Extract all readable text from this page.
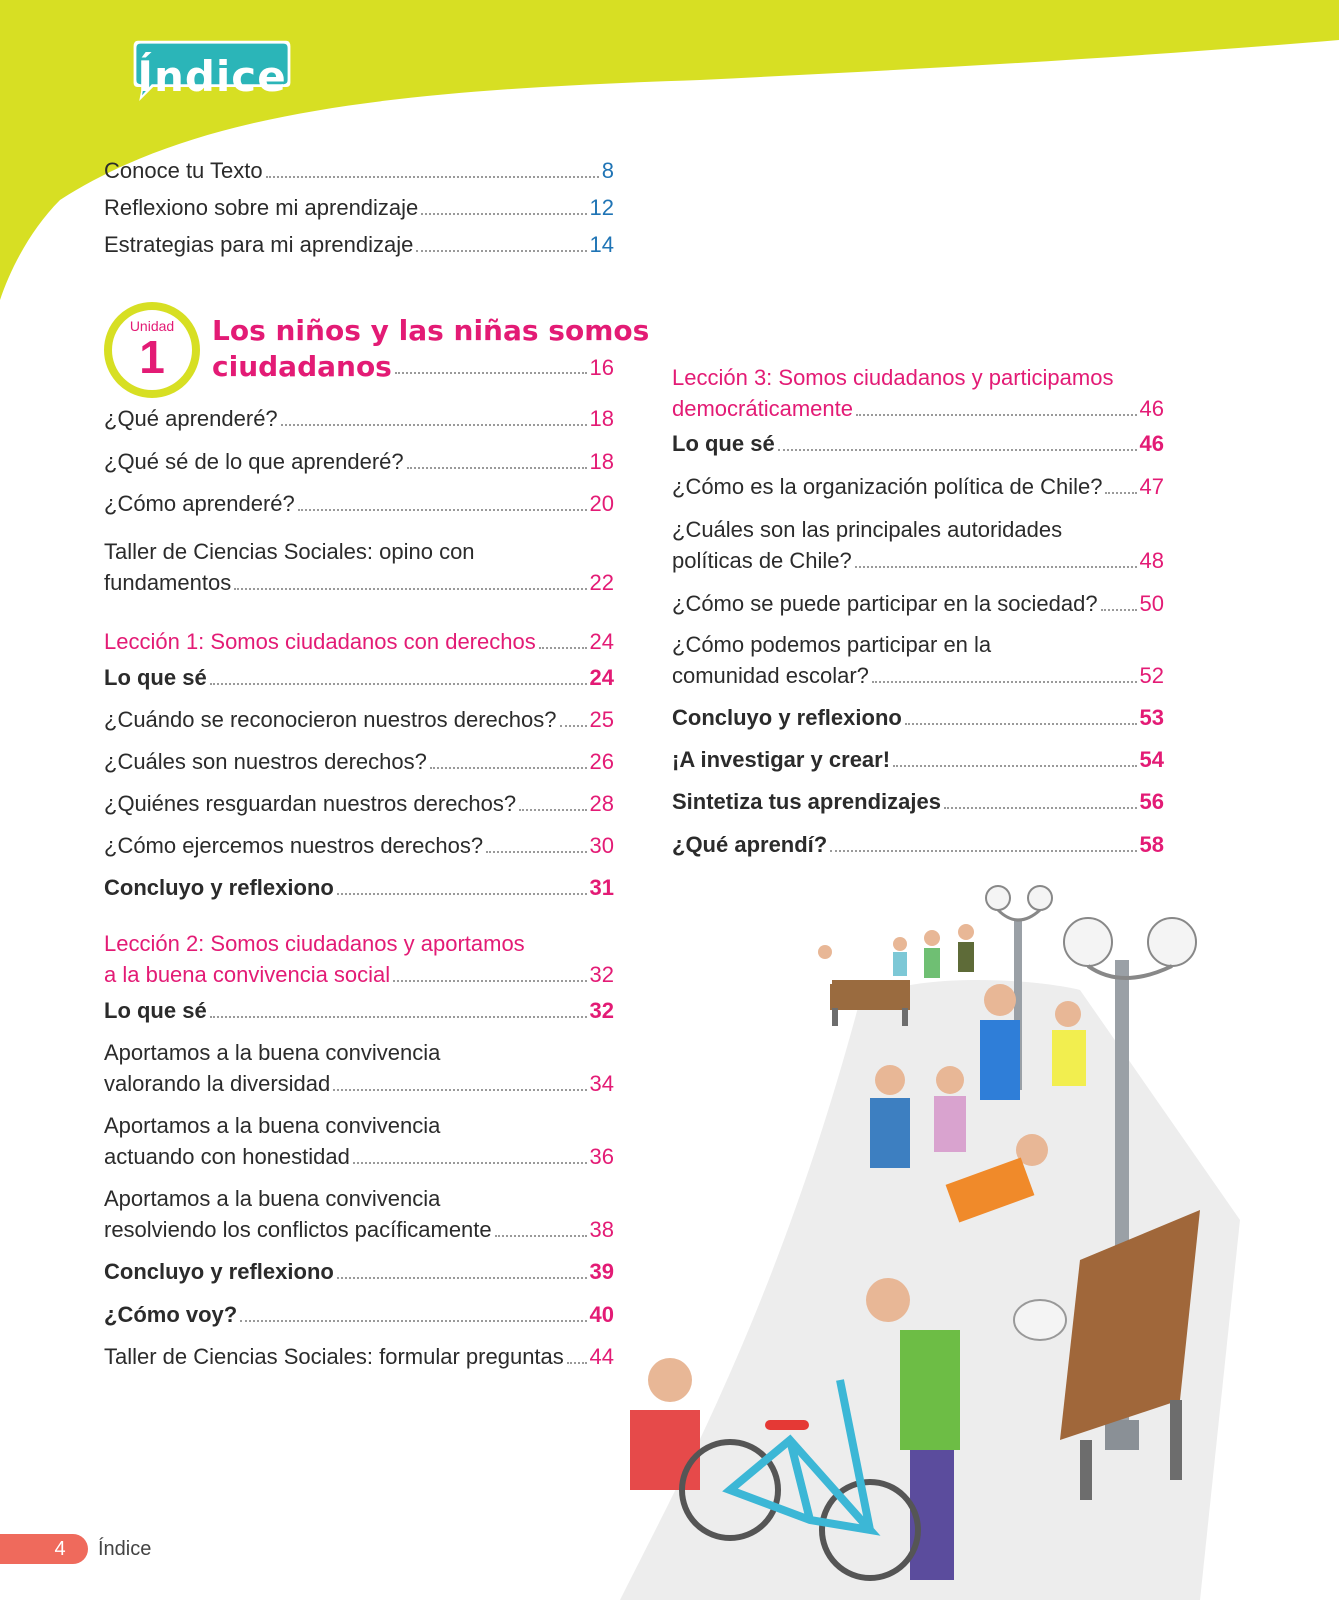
Índice
Conoce tu Texto	8
Reflexiono sobre mi aprendizaje	12
Estrategias para mi aprendizaje	14
Unidad
1
Los niños y las niñas somos
ciudadanos	16
¿Qué aprenderé?	18
¿Qué sé de lo que aprenderé?	18
¿Cómo aprenderé?	20
Taller de Ciencias Sociales: opino con
fundamentos	22
Lección 1: Somos ciudadanos con derechos 24
Lo que sé	24
¿Cuándo se reconocieron nuestros derechos? 25
¿Cuáles son nuestros derechos?	26
¿Quiénes resguardan nuestros derechos?	28
¿Cómo ejercemos nuestros derechos?	30
Concluyo y reflexiono	31
Lección 2: Somos ciudadanos y aportamos
a la buena convivencia social	32
Lo que sé	32
Aportamos a la buena convivencia
valorando la diversidad	34
Aportamos a la buena convivencia
actuando con honestidad	36
Aportamos a la buena convivencia
resolviendo los conflictos pacíficamente	38
Concluyo y reflexiono	39
¿Cómo voy?	40
Taller de Ciencias Sociales: formular preguntas 44
Lección 3: Somos ciudadanos y participamos
democráticamente	46
Lo que sé	46
¿Cómo es la organización política de Chile? 47
¿Cuáles son las principales autoridades
políticas de Chile?	48
¿Cómo se puede participar en la sociedad? 50
¿Cómo podemos participar en la
comunidad escolar?	52
Concluyo y reflexiono	53
¡A investigar y crear!	54
Sintetiza tus aprendizajes	56
¿Qué aprendí?	58
4	Índice
